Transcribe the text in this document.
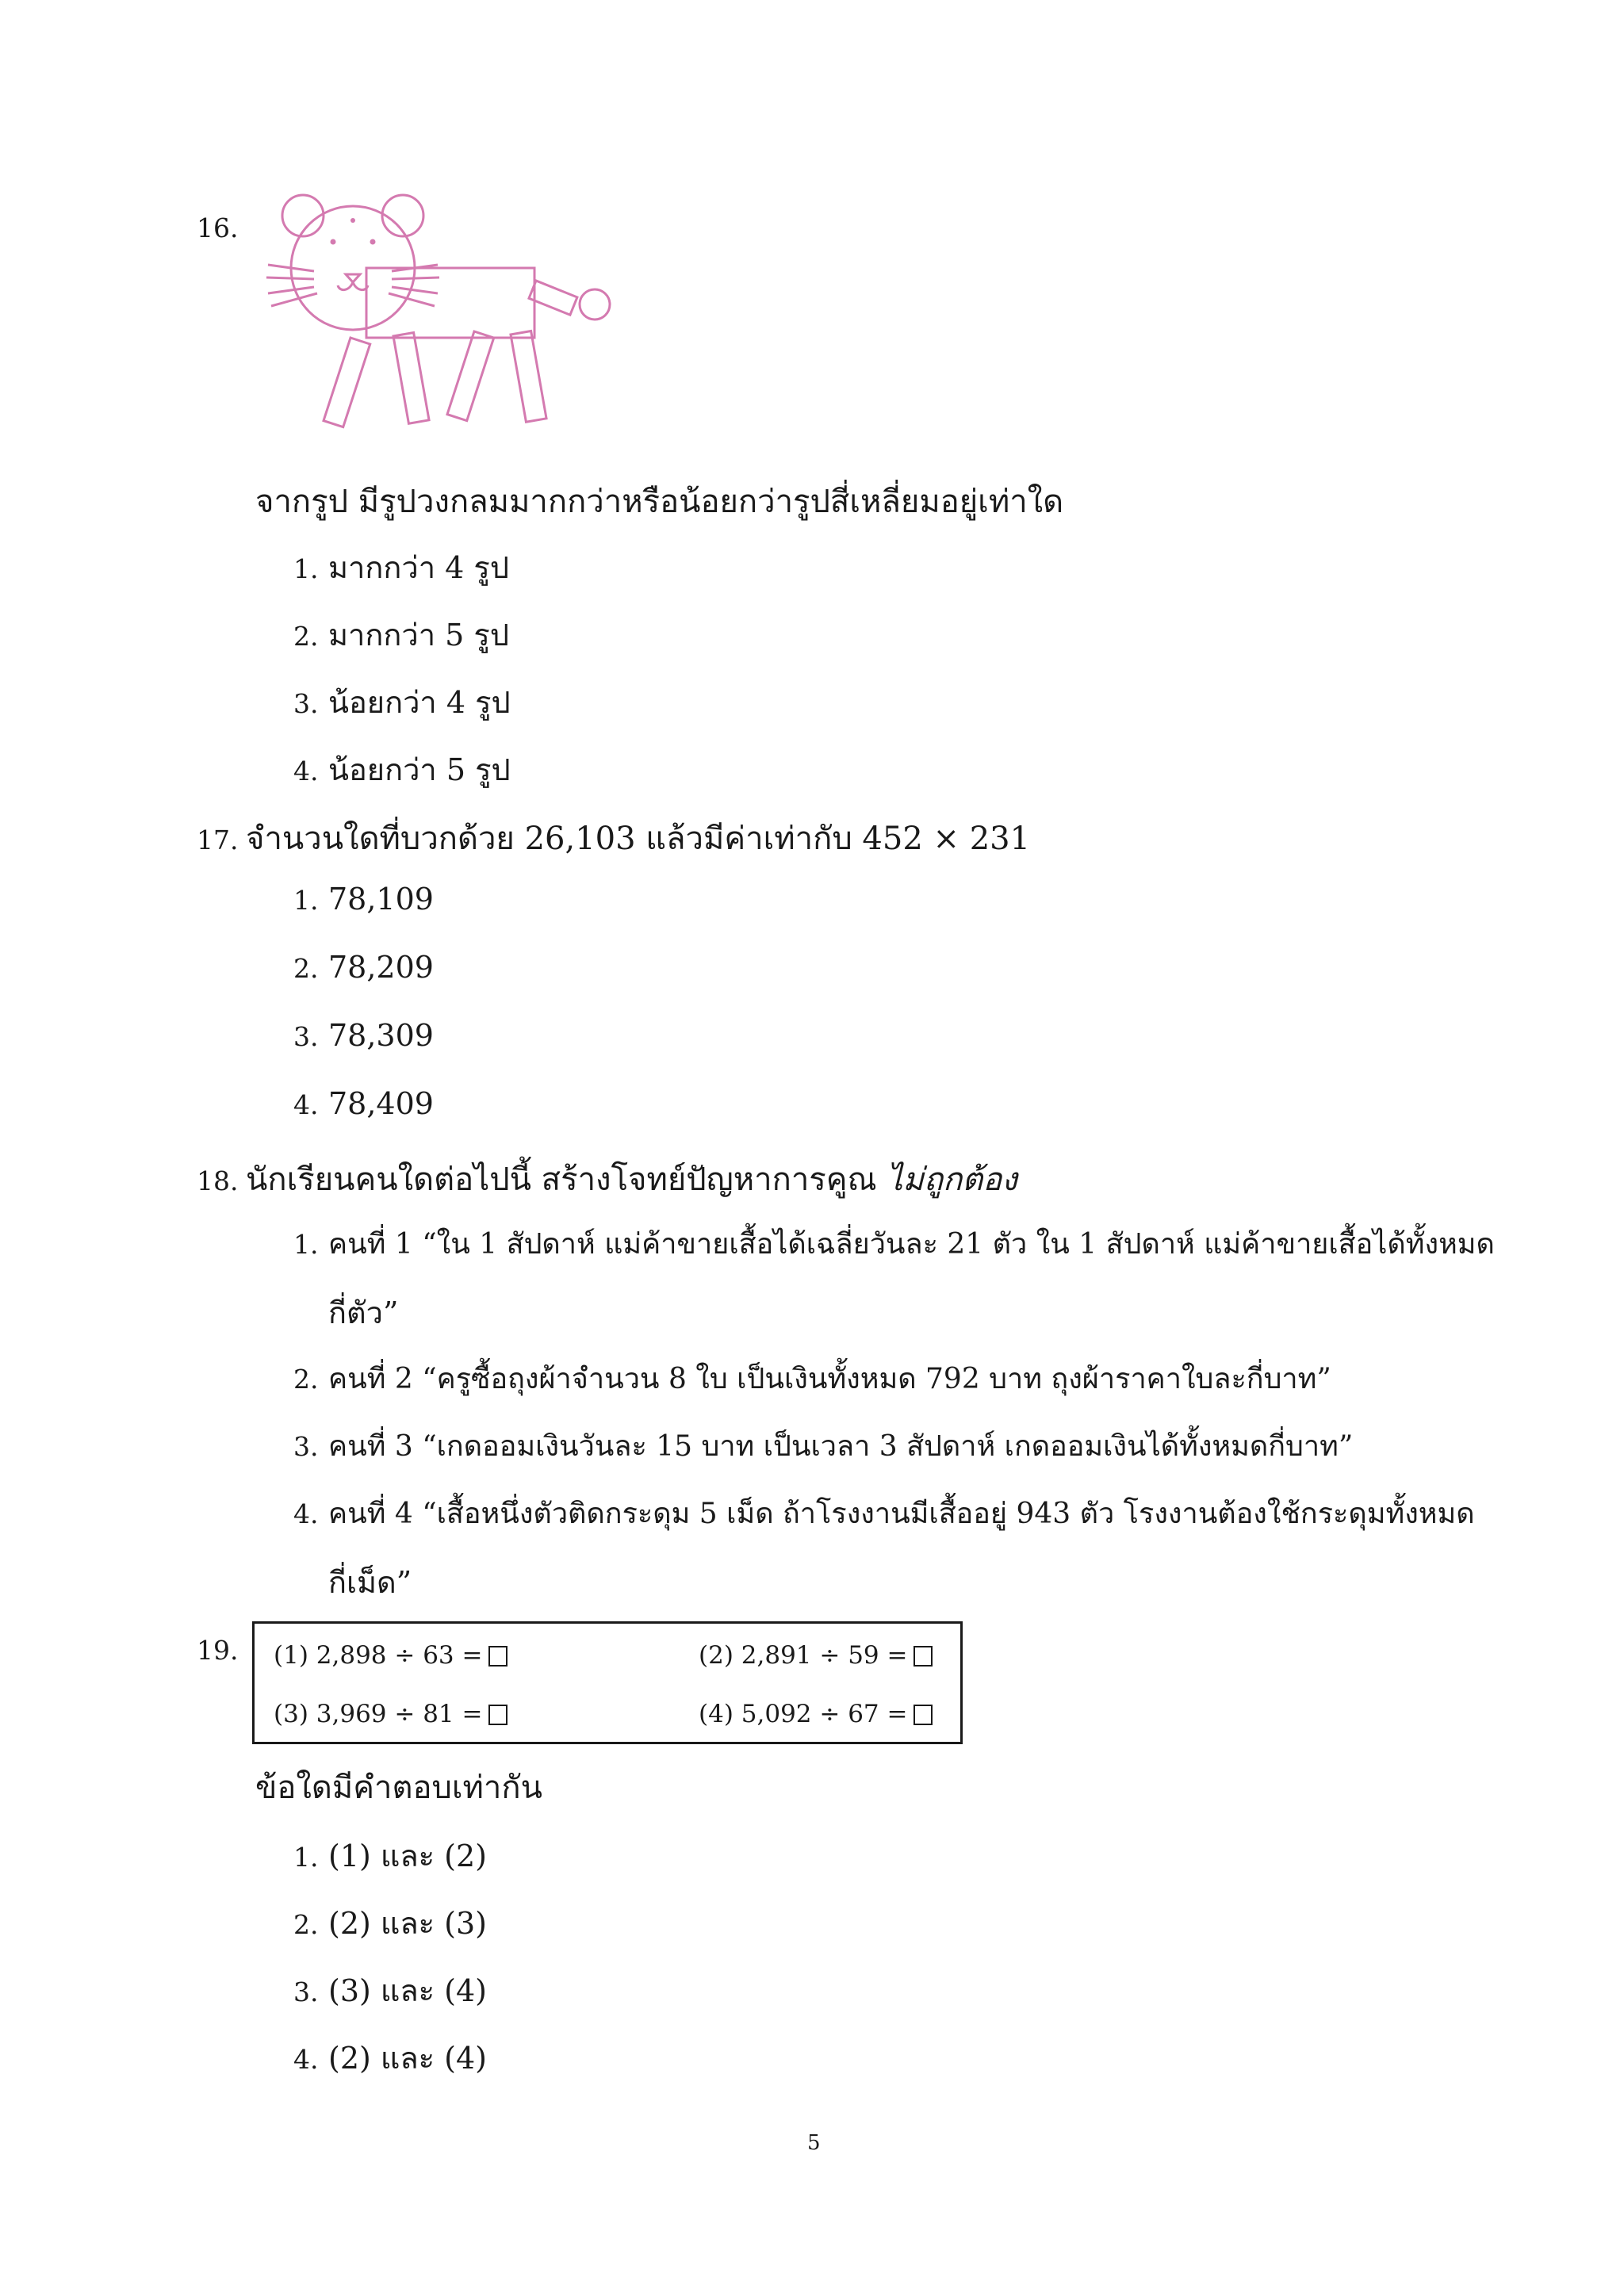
16.
จากรูป มีรูปวงกลมมากกว่าหรือน้อยกว่ารูปสี่เหลี่ยมอยู่เท่าใด
1. มากกว่า 4 รูป
2. มากกว่า 5 รูป
3. น้อยกว่า 4 รูป
4. น้อยกว่า 5 รูป
17. จำนวนใดที่บวกด้วย 26,103 แล้วมีค่าเท่ากับ 452 × 231
1. 78,109
2. 78,209
3. 78,309
4. 78,409
18. นักเรียนคนใดต่อไปนี้ สร้างโจทย์ปัญหาการคูณ ไม่ถูกต้อง
1. คนที่ 1 “ใน 1 สัปดาห์ แม่ค้าขายเสื้อได้เฉลี่ยวันละ 21 ตัว ใน 1 สัปดาห์ แม่ค้าขายเสื้อได้ทั้งหมด
กี่ตัว”
2. คนที่ 2 “ครูซื้อถุงผ้าจำนวน 8 ใบ เป็นเงินทั้งหมด 792 บาท ถุงผ้าราคาใบละกี่บาท”
3. คนที่ 3 “เกดออมเงินวันละ 15 บาท เป็นเวลา 3 สัปดาห์ เกดออมเงินได้ทั้งหมดกี่บาท”
4. คนที่ 4 “เสื้อหนึ่งตัวติดกระดุม 5 เม็ด ถ้าโรงงานมีเสื้ออยู่ 943 ตัว โรงงานต้องใช้กระดุมทั้งหมด
กี่เม็ด”
19. (1) 2,898 ÷ 63 =	(2) 2,891 ÷ 59 =
(3) 3,969 ÷ 81 =	(4) 5,092 ÷ 67 =
ข้อใดมีคำตอบเท่ากัน
1. (1) และ (2)
2. (2) และ (3)
3. (3) และ (4)
4. (2) และ (4)
5
